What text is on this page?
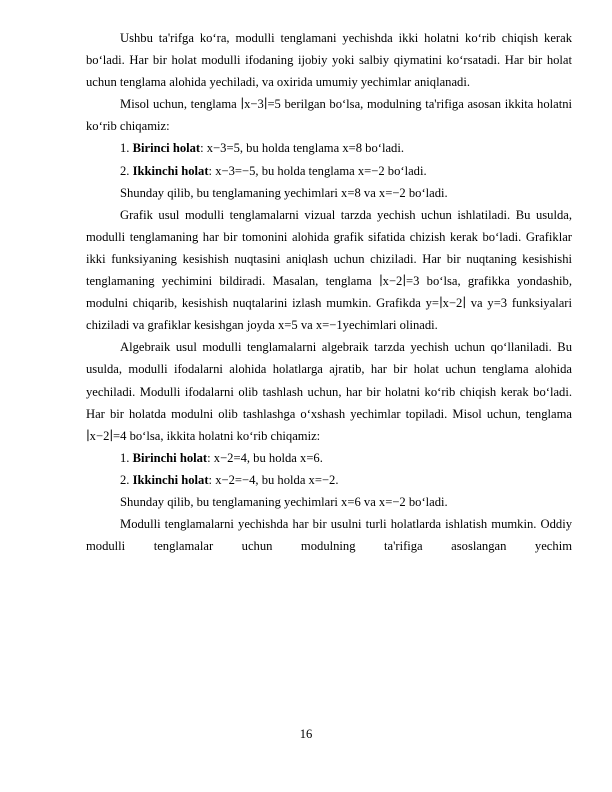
Ushbu ta'rifga ko‘ra, modulli tenglamani yechishda ikki holatni ko‘rib chiqish kerak bo‘ladi. Har bir holat modulli ifodaning ijobiy yoki salbiy qiymatini ko‘rsatadi. Har bir holat uchun tenglama alohida yechiladi, va oxirida umumiy yechimlar aniqlanadi.

Misol uchun, tenglama ∣x−3∣=5 berilgan bo‘lsa, modulning ta'rifiga asosan ikkita holatni ko‘rib chiqamiz:

1. Birinci holat: x−3=5, bu holda tenglama x=8 bo‘ladi.

2. Ikkinchi holat: x−3=−5, bu holda tenglama x=−2 bo‘ladi.

Shunday qilib, bu tenglamaning yechimlari x=8 va x=−2 bo‘ladi.

Grafik usul modulli tenglamalarni vizual tarzda yechish uchun ishlatiladi. Bu usulda, modulli tenglamaning har bir tomonini alohida grafik sifatida chizish kerak bo‘ladi. Grafiklar ikki funksiyaning kesishish nuqtasini aniqlash uchun chiziladi. Har bir nuqtaning kesishishi tenglamaning yechimini bildiradi. Masalan, tenglama ∣x−2∣=3 bo‘lsa, grafikka yondashib, modulni chiqarib, kesishish nuqtalarini izlash mumkin. Grafikda y=∣x−2∣ va y=3 funksiyalari chiziladi va grafiklar kesishgan joyda x=5 va x=−1yechimlari olinadi.

Algebraik usul modulli tenglamalarni algebraik tarzda yechish uchun qo‘llaniladi. Bu usulda, modulli ifodalarni alohida holatlarga ajratib, har bir holat uchun tenglama alohida yechiladi. Modulli ifodalarni olib tashlash uchun, har bir holatni ko‘rib chiqish kerak bo‘ladi. Har bir holatda modulni olib tashlashga o‘xshash yechimlar topiladi. Misol uchun, tenglama ∣x−2∣=4 bo‘lsa, ikkita holatni ko‘rib chiqamiz:

1. Birinchi holat: x−2=4, bu holda x=6.

2. Ikkinchi holat: x−2=−4, bu holda x=−2.

Shunday qilib, bu tenglamaning yechimlari x=6 va x=−2 bo‘ladi.

Modulli tenglamalarni yechishda har bir usulni turli holatlarda ishlatish mumkin. Oddiy modulli tenglamalar uchun modulning ta'rifiga asoslangan yechim

16
